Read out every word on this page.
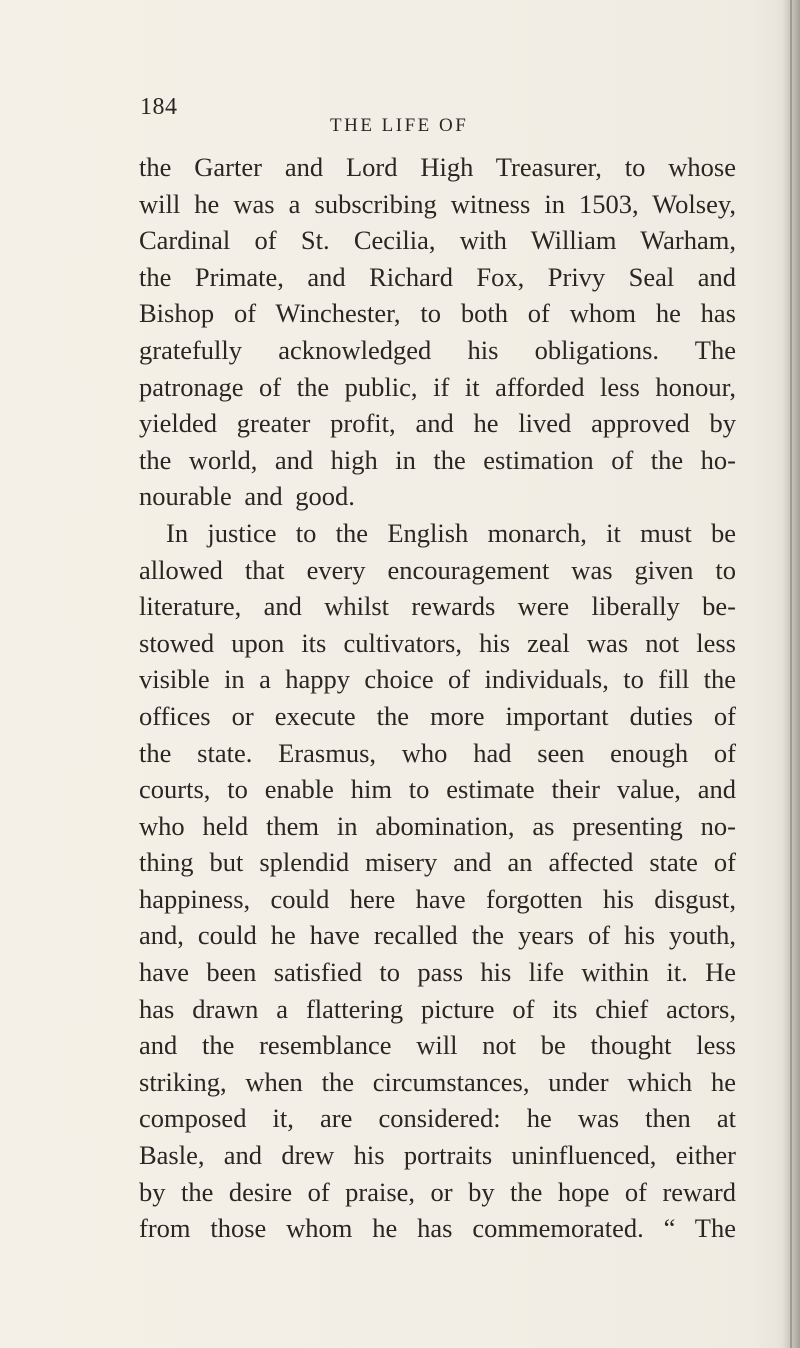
184
THE LIFE OF
the Garter and Lord High Treasurer, to whose
will he was a subscribing witness in 1503, Wolsey,
Cardinal of St. Cecilia, with William Warham,
the Primate, and Richard Fox, Privy Seal and
Bishop of Winchester, to both of whom he has
gratefully acknowledged his obligations. The
patronage of the public, if it afforded less honour,
yielded greater profit, and he lived approved by
the world, and high in the estimation of the ho-
nourable and good.
In justice to the English monarch, it must be
allowed that every encouragement was given to
literature, and whilst rewards were liberally be-
stowed upon its cultivators, his zeal was not less
visible in a happy choice of individuals, to fill the
offices or execute the more important duties of
the state. Erasmus, who had seen enough of
courts, to enable him to estimate their value, and
who held them in abomination, as presenting no-
thing but splendid misery and an affected state of
happiness, could here have forgotten his disgust,
and, could he have recalled the years of his youth,
have been satisfied to pass his life within it. He
has drawn a flattering picture of its chief actors,
and the resemblance will not be thought less
striking, when the circumstances, under which he
composed it, are considered: he was then at
Basle, and drew his portraits uninfluenced, either
by the desire of praise, or by the hope of reward
from those whom he has commemorated. “ The
